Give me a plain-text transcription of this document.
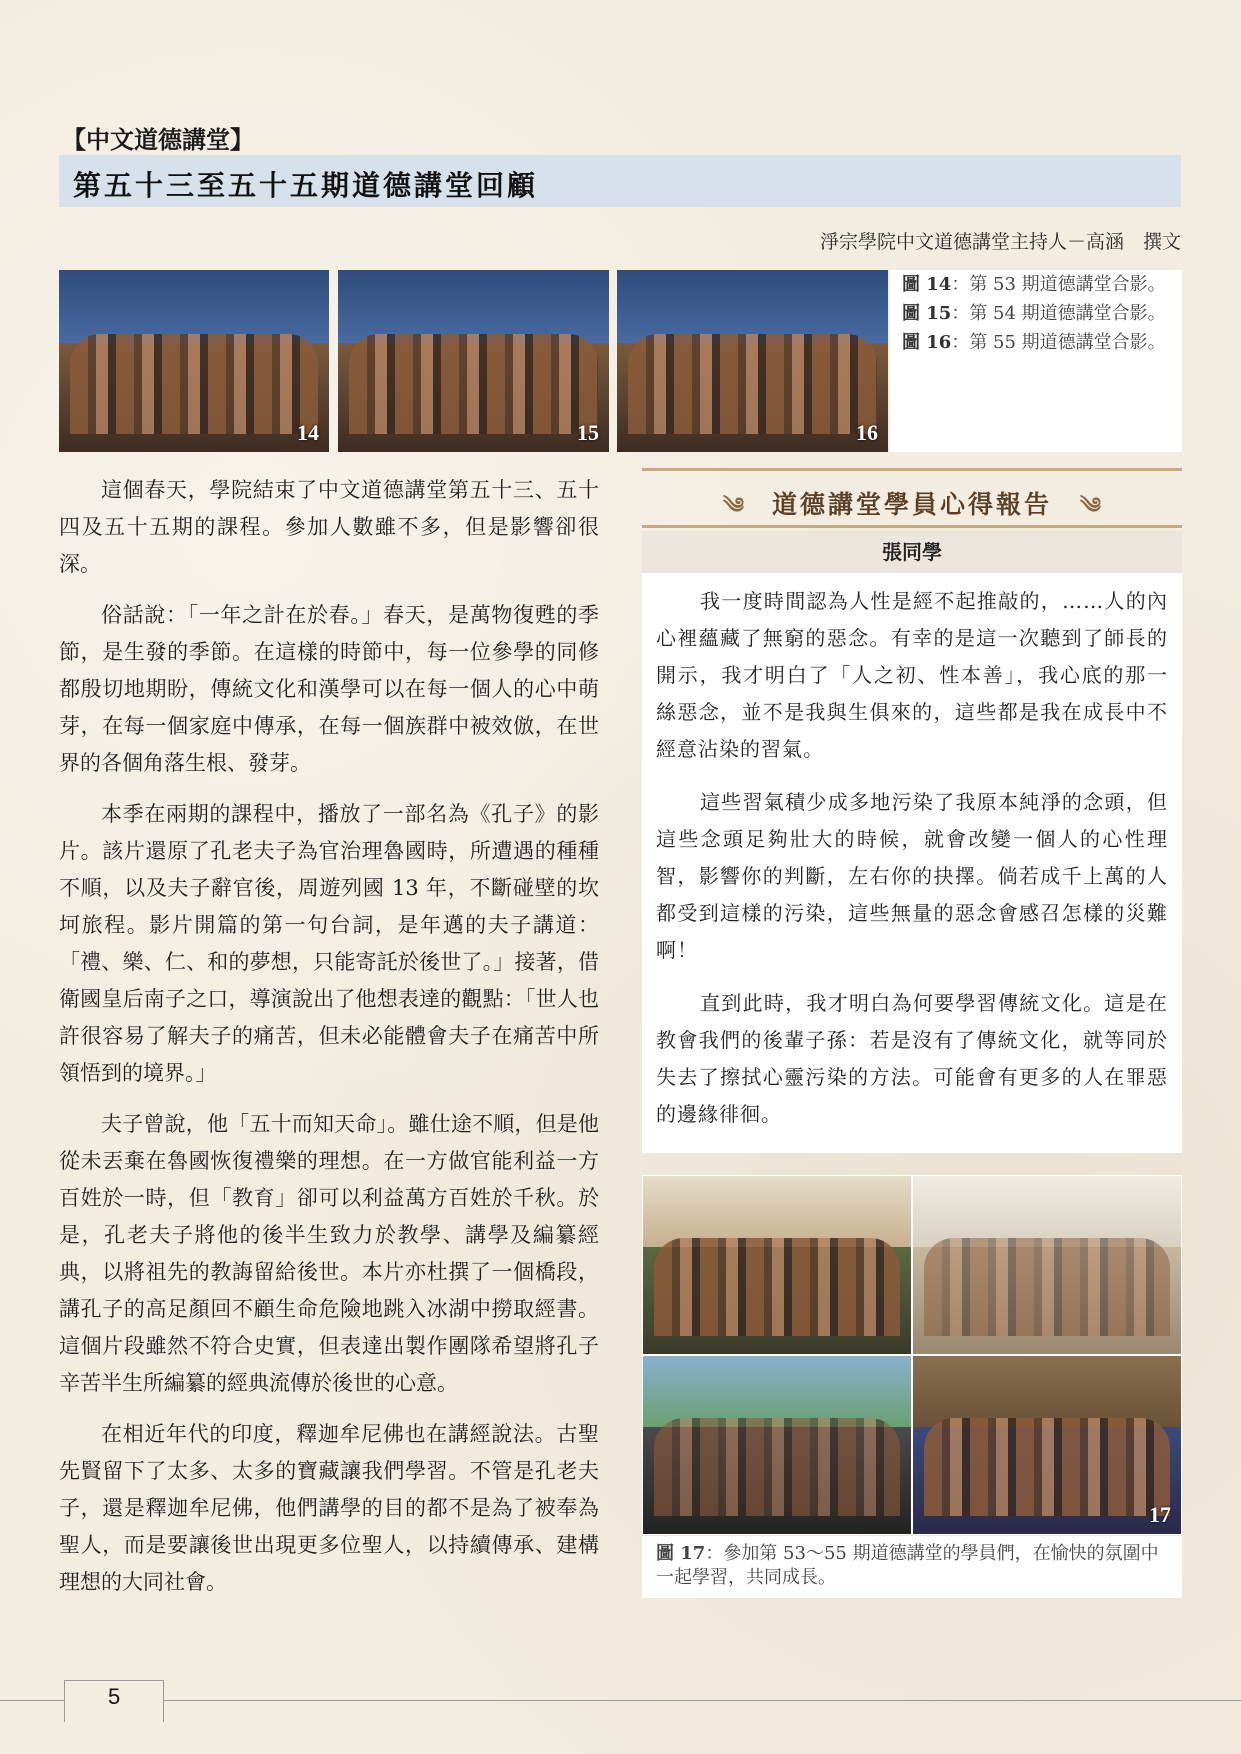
【中文道德講堂】
第五十三至五十五期道德講堂回顧
淨宗學院中文道德講堂主持人－高涵　撰文
14	15	16

圖 14：第 53 期道德講堂合影。

圖 15：第 54 期道德講堂合影。

圖 16：第 55 期道德講堂合影。

這個春天，學院結束了中文道德講堂第五十三、五十四及五十五期的課程。參加人數雖不多，但是影響卻很深。

俗話說：「一年之計在於春。」春天，是萬物復甦的季節，是生發的季節。在這樣的時節中，每一位參學的同修都殷切地期盼，傳統文化和漢學可以在每一個人的心中萌芽，在每一個家庭中傳承，在每一個族群中被效倣，在世界的各個角落生根、發芽。

本季在兩期的課程中，播放了一部名為《孔子》的影片。該片還原了孔老夫子為官治理魯國時，所遭遇的種種不順，以及夫子辭官後，周遊列國 13 年，不斷碰壁的坎坷旅程。影片開篇的第一句台詞，是年邁的夫子講道：「禮、樂、仁、和的夢想，只能寄託於後世了。」接著，借衛國皇后南子之口，導演說出了他想表達的觀點：「世人也許很容易了解夫子的痛苦，但未必能體會夫子在痛苦中所領悟到的境界。」

夫子曾說，他「五十而知天命」。雖仕途不順，但是他從未丟棄在魯國恢復禮樂的理想。在一方做官能利益一方百姓於一時，但「教育」卻可以利益萬方百姓於千秋。於是，孔老夫子將他的後半生致力於教學、講學及編纂經典，以將祖先的教誨留給後世。本片亦杜撰了一個橋段，講孔子的高足顏回不顧生命危險地跳入冰湖中撈取經書。這個片段雖然不符合史實，但表達出製作團隊希望將孔子辛苦半生所編纂的經典流傳於後世的心意。

在相近年代的印度，釋迦牟尼佛也在講經說法。古聖先賢留下了太多、太多的寶藏讓我們學習。不管是孔老夫子，還是釋迦牟尼佛，他們講學的目的都不是為了被奉為聖人，而是要讓後世出現更多位聖人，以持續傳承、建構理想的大同社會。

༄　 道德講堂學員心得報告　 ༄
張同學

我一度時間認為人性是經不起推敲的，……人的內心裡蘊藏了無窮的惡念。有幸的是這一次聽到了師長的開示，我才明白了「人之初、性本善」，我心底的那一絲惡念，並不是我與生俱來的，這些都是我在成長中不經意沾染的習氣。

這些習氣積少成多地污染了我原本純淨的念頭，但這些念頭足夠壯大的時候，就會改變一個人的心性理智，影響你的判斷，左右你的抉擇。倘若成千上萬的人都受到這樣的污染，這些無量的惡念會感召怎樣的災難啊！

直到此時，我才明白為何要學習傳統文化。這是在教會我們的後輩子孫：若是沒有了傳統文化，就等同於失去了擦拭心靈污染的方法。可能會有更多的人在罪惡的邊緣徘徊。

17
圖 17：參加第 53～55 期道德講堂的學員們，在愉快的氛圍中一起學習，共同成長。
5
